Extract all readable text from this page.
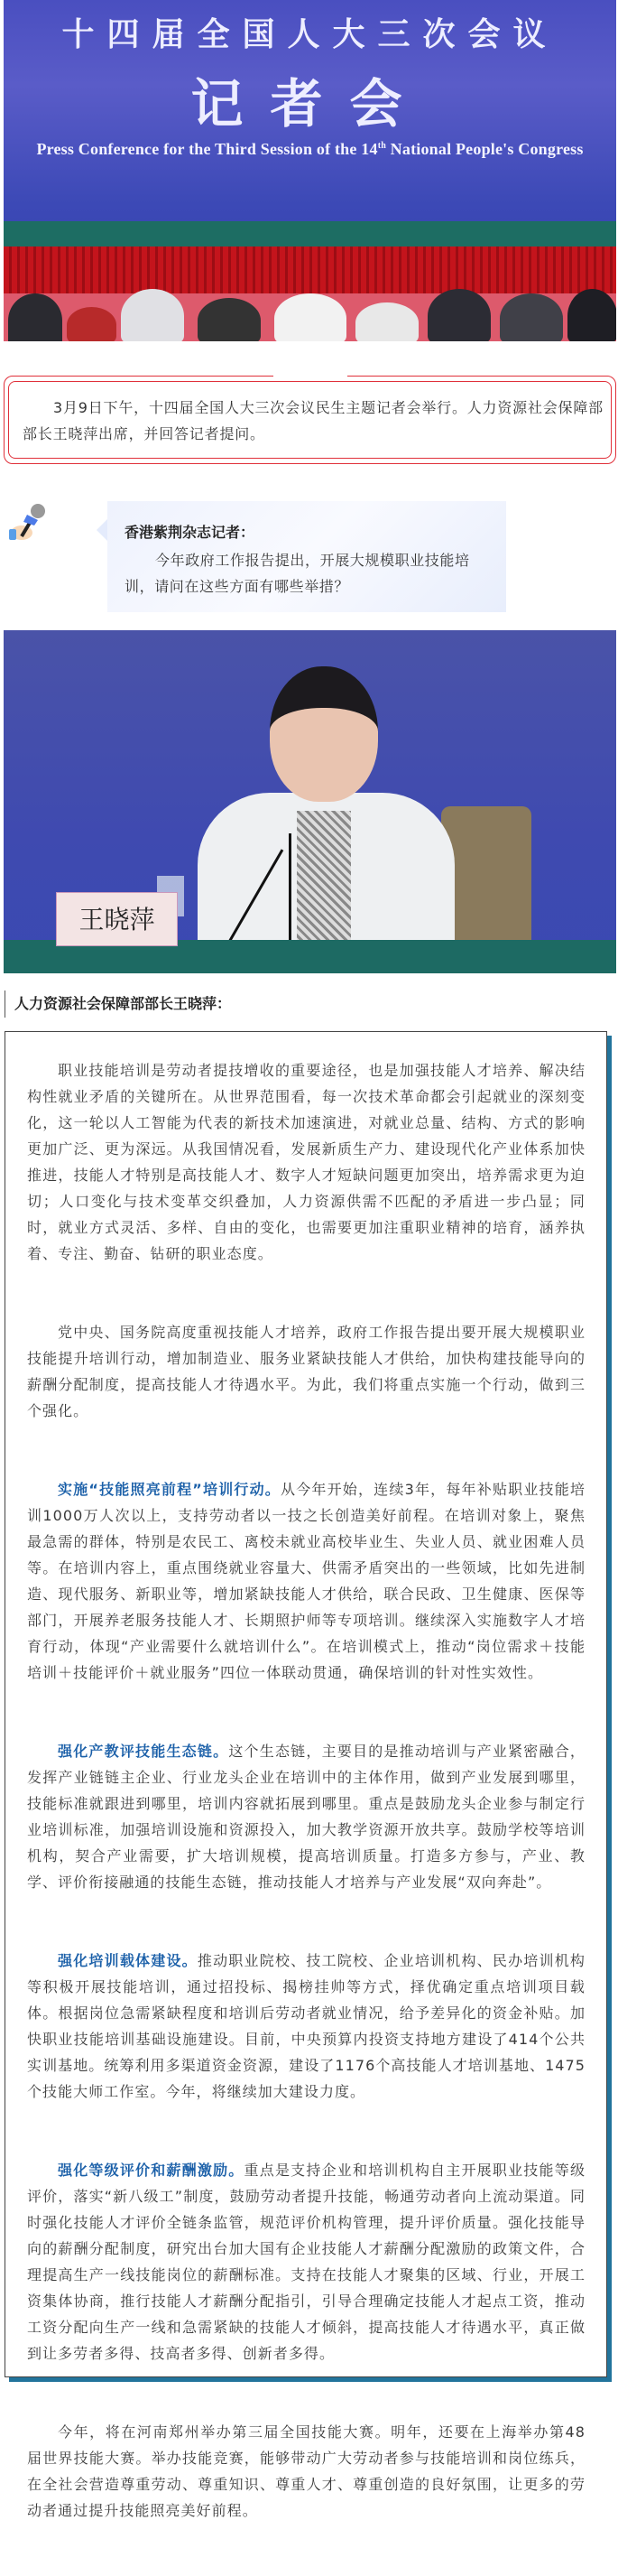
十四届全国人大三次会议
记者会
Press Conference for the Third Session of the 14th National People's Congress

3月9日下午，十四届全国人大三次会议民生主题记者会举行。人力资源社会保障部部长王晓萍出席，并回答记者提问。

香港紫荆杂志记者：
今年政府工作报告提出，开展大规模职业技能培训，请问在这些方面有哪些举措？
王晓萍
人力资源社会保障部部长王晓萍：

职业技能培训是劳动者提技增收的重要途径，也是加强技能人才培养、解决结构性就业矛盾的关键所在。从世界范围看，每一次技术革命都会引起就业的深刻变化，这一轮以人工智能为代表的新技术加速演进，对就业总量、结构、方式的影响更加广泛、更为深远。从我国情况看，发展新质生产力、建设现代化产业体系加快推进，技能人才特别是高技能人才、数字人才短缺问题更加突出，培养需求更为迫切；人口变化与技术变革交织叠加，人力资源供需不匹配的矛盾进一步凸显；同时，就业方式灵活、多样、自由的变化，也需要更加注重职业精神的培育，涵养执着、专注、勤奋、钻研的职业态度。

党中央、国务院高度重视技能人才培养，政府工作报告提出要开展大规模职业技能提升培训行动，增加制造业、服务业紧缺技能人才供给，加快构建技能导向的薪酬分配制度，提高技能人才待遇水平。为此，我们将重点实施一个行动，做到三个强化。

实施“技能照亮前程”培训行动。从今年开始，连续3年，每年补贴职业技能培训1000万人次以上，支持劳动者以一技之长创造美好前程。在培训对象上，聚焦最急需的群体，特别是农民工、离校未就业高校毕业生、失业人员、就业困难人员等。在培训内容上，重点围绕就业容量大、供需矛盾突出的一些领域，比如先进制造、现代服务、新职业等，增加紧缺技能人才供给，联合民政、卫生健康、医保等部门，开展养老服务技能人才、长期照护师等专项培训。继续深入实施数字人才培育行动，体现“产业需要什么就培训什么”。在培训模式上，推动“岗位需求＋技能培训＋技能评价＋就业服务”四位一体联动贯通，确保培训的针对性实效性。

强化产教评技能生态链。这个生态链，主要目的是推动培训与产业紧密融合，发挥产业链链主企业、行业龙头企业在培训中的主体作用，做到产业发展到哪里，技能标准就跟进到哪里，培训内容就拓展到哪里。重点是鼓励龙头企业参与制定行业培训标准，加强培训设施和资源投入，加大教学资源开放共享。鼓励学校等培训机构，契合产业需要，扩大培训规模，提高培训质量。打造多方参与，产业、教学、评价衔接融通的技能生态链，推动技能人才培养与产业发展“双向奔赴”。

强化培训载体建设。推动职业院校、技工院校、企业培训机构、民办培训机构等积极开展技能培训，通过招投标、揭榜挂帅等方式，择优确定重点培训项目载体。根据岗位急需紧缺程度和培训后劳动者就业情况，给予差异化的资金补贴。加快职业技能培训基础设施建设。目前，中央预算内投资支持地方建设了414个公共实训基地。统筹利用多渠道资金资源，建设了1176个高技能人才培训基地、1475个技能大师工作室。今年，将继续加大建设力度。

强化等级评价和薪酬激励。重点是支持企业和培训机构自主开展职业技能等级评价，落实“新八级工”制度，鼓励劳动者提升技能，畅通劳动者向上流动渠道。同时强化技能人才评价全链条监管，规范评价机构管理，提升评价质量。强化技能导向的薪酬分配制度，研究出台加大国有企业技能人才薪酬分配激励的政策文件，合理提高生产一线技能岗位的薪酬标准。支持在技能人才聚集的区域、行业，开展工资集体协商，推行技能人才薪酬分配指引，引导合理确定技能人才起点工资，推动工资分配向生产一线和急需紧缺的技能人才倾斜，提高技能人才待遇水平，真正做到让多劳者多得、技高者多得、创新者多得。

今年，将在河南郑州举办第三届全国技能大赛。明年，还要在上海举办第48届世界技能大赛。举办技能竞赛，能够带动广大劳动者参与技能培训和岗位练兵，在全社会营造尊重劳动、尊重知识、尊重人才、尊重创造的良好氛围，让更多的劳动者通过提升技能照亮美好前程。
